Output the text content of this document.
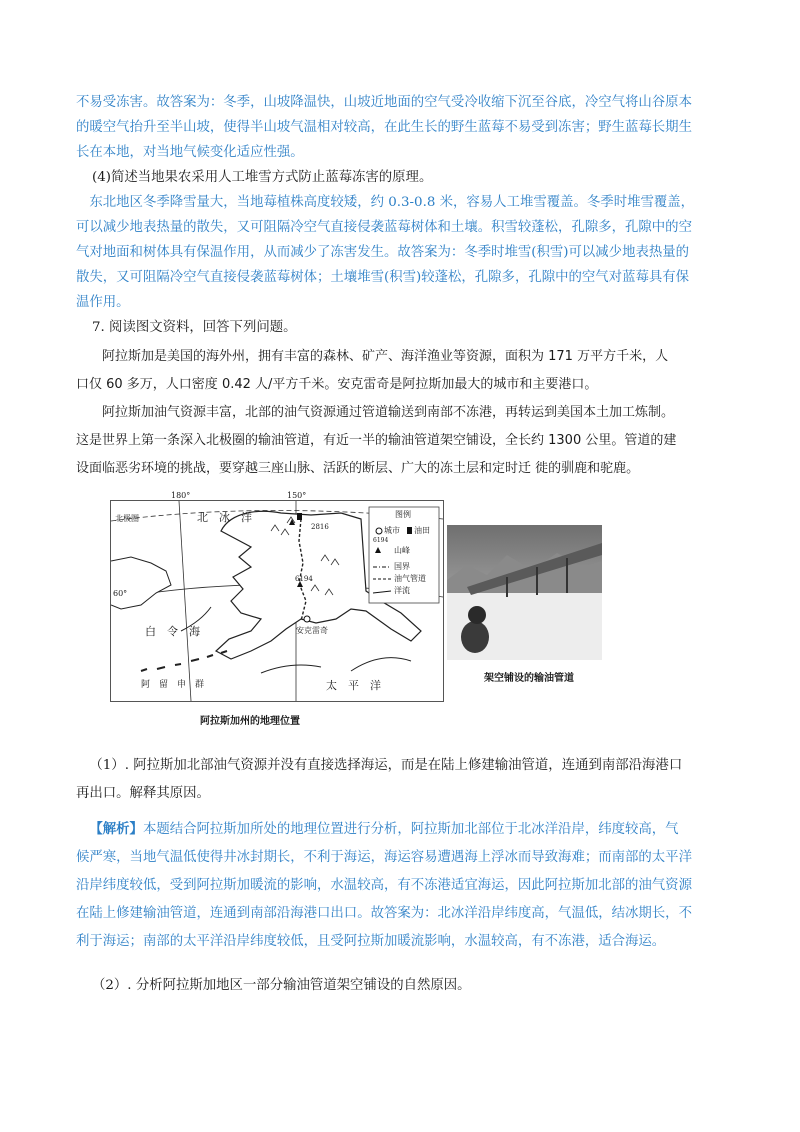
不易受冻害。故答案为：冬季，山坡降温快，山坡近地面的空气受冷收缩下沉至谷底，冷空气将山谷原本

的暖空气抬升至半山坡，使得半山坡气温相对较高，在此生长的野生蓝莓不易受到冻害；野生蓝莓长期生

长在本地，对当地气候变化适应性强。

(4)简述当地果农采用人工堆雪方式防止蓝莓冻害的原理。

东北地区冬季降雪量大，当地莓植株高度较矮，约 0.3-0.8 米，容易人工堆雪覆盖。冬季时堆雪覆盖，

可以减少地表热量的散失，又可阻隔冷空气直接侵袭蓝莓树体和土壤。积雪较蓬松，孔隙多，孔隙中的空

气对地面和树体具有保温作用，从而减少了冻害发生。故答案为：冬季时堆雪(积雪)可以减少地表热量的

散失，又可阻隔冷空气直接侵袭蓝莓树体；土壤堆雪(积雪)较蓬松，孔隙多，孔隙中的空气对蓝莓具有保

温作用。

7. 阅读图文资料，回答下列问题。

阿拉斯加是美国的海外州，拥有丰富的森林、矿产、海洋渔业等资源，面积为 171 万平方千米，人

口仅 60 多万，人口密度 0.42 人/平方千米。安克雷奇是阿拉斯加最大的城市和主要港口。

阿拉斯加油气资源丰富，北部的油气资源通过管道输送到南部不冻港，再转运到美国本土加工炼制。

这是世界上第一条深入北极圈的输油管道，有近一半的输油管道架空铺设，全长约 1300 公里。管道的建

设面临恶劣环境的挑战，要穿越三座山脉、活跃的断层、广大的冻土层和定时迁 徙的驯鹿和驼鹿。

180°	150°
60°
北极圈	北　冰　洋
白　令　海
太　平　洋
阿　留　申　群
安克雷奇
2816
6194
图例
城市 油田
6194
山峰
国界
油气管道
洋流
阿拉斯加州的地理位置
架空铺设的输油管道

（1）. 阿拉斯加北部油气资源并没有直接选择海运，而是在陆上修建输油管道，连通到南部沿海港口

再出口。解释其原因。

【解析】本题结合阿拉斯加所处的地理位置进行分析，阿拉斯加北部位于北冰洋沿岸，纬度较高，气

候严寒，当地气温低使得井冰封期长，不利于海运，海运容易遭遇海上浮冰而导致海难；而南部的太平洋

沿岸纬度较低，受到阿拉斯加暖流的影响，水温较高，有不冻港适宜海运，因此阿拉斯加北部的油气资源

在陆上修建输油管道，连通到南部沿海港口出口。故答案为：北冰洋沿岸纬度高，气温低，结冰期长，不

利于海运；南部的太平洋沿岸纬度较低，且受阿拉斯加暖流影响，水温较高，有不冻港，适合海运。

（2）. 分析阿拉斯加地区一部分输油管道架空铺设的自然原因。
